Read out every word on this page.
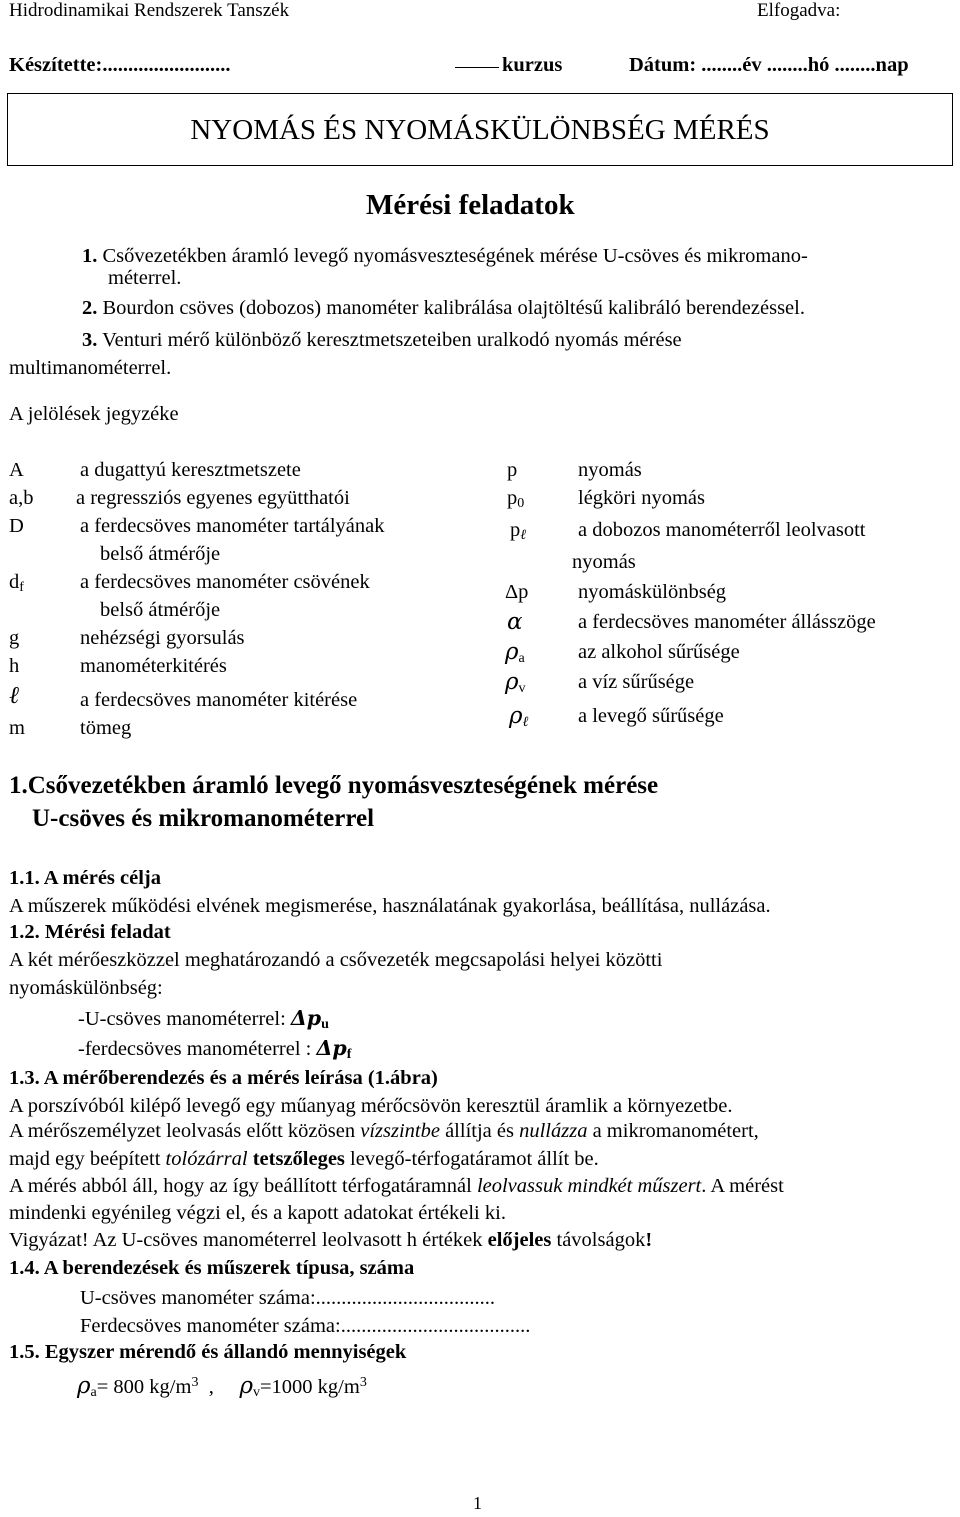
Hidrodinamikai Rendszerek Tanszék	Elfogadva:
Készítette:.........................	kurzus	Dátum: ........év ........hó ........nap
NYOMÁS ÉS NYOMÁSKÜLÖNBSÉG MÉRÉS
Mérési feladatok
1. Csővezetékben áramló levegő nyomásveszteségének mérése U-csöves és mikromano-
méterrel.
2. Bourdon csöves (dobozos) manométer kalibrálása olajtöltésű kalibráló berendezéssel.
3. Venturi mérő különböző keresztmetszeteiben uralkodó nyomás mérése
multimanométerrel.
A jelölések jegyzéke
A	a dugattyú keresztmetszete
a,b a regressziós egyenes együtthatói
D	a ferdecsöves manométer tartályának
belső átmérője
$d_f$	a ferdecsöves manométer csövének
belső átmérője
g	nehézségi gyorsulás
h	manométerkitérés
ℓ	a ferdecsöves manométer kitérése
m	tömeg
p	nyomás
$p_0$	légköri nyomás
$p_\ell$	a dobozos manométerről leolvasott
nyomás
Δp nyomáskülönbség
α	a ferdecsöves manométer állásszöge
$\rho_a$	az alkohol sűrűsége
$\rho_v$	a víz sűrűsége
$\rho_\ell$ a levegő sűrűsége
1.Csővezetékben áramló levegő nyomásveszteségének mérése
U-csöves és mikromanométerrel
1.1. A mérés célja
A műszerek működési elvének megismerése, használatának gyakorlása, beállítása, nullázása.
1.2. Mérési feladat
A két mérőeszközzel meghatározandó a csővezeték megcsapolási helyei közötti
nyomáskülönbség:
-U-csöves manométerrel: $\Delta p_u$
-ferdecsöves manométerrel : $\Delta p_f$
1.3. A mérőberendezés és a mérés leírása (1.ábra)
A porszívóból kilépő levegő egy műanyag mérőcsövön keresztül áramlik a környezetbe.
A mérőszemélyzet leolvasás előtt közösen vízszintbe állítja és nullázza a mikromanométert,
majd egy beépített tolózárral tetszőleges levegő-térfogatáramot állít be.
A mérés abból áll, hogy az így beállított térfogatáramnál leolvassuk mindkét műszert. A mérést
mindenki egyénileg végzi el, és a kapott adatokat értékeli ki.
Vigyázat! Az U-csöves manométerrel leolvasott h értékek előjeles távolságok!
1.4. A berendezések és műszerek típusa, száma
U-csöves manométer száma:...................................
Ferdecsöves manométer száma:.....................................
1.5. Egyszer mérendő és állandó mennyiségek
$\rho_a= 800$ $kg/m^3$ , $\rho_v=1000$ $kg/m^3$
1
